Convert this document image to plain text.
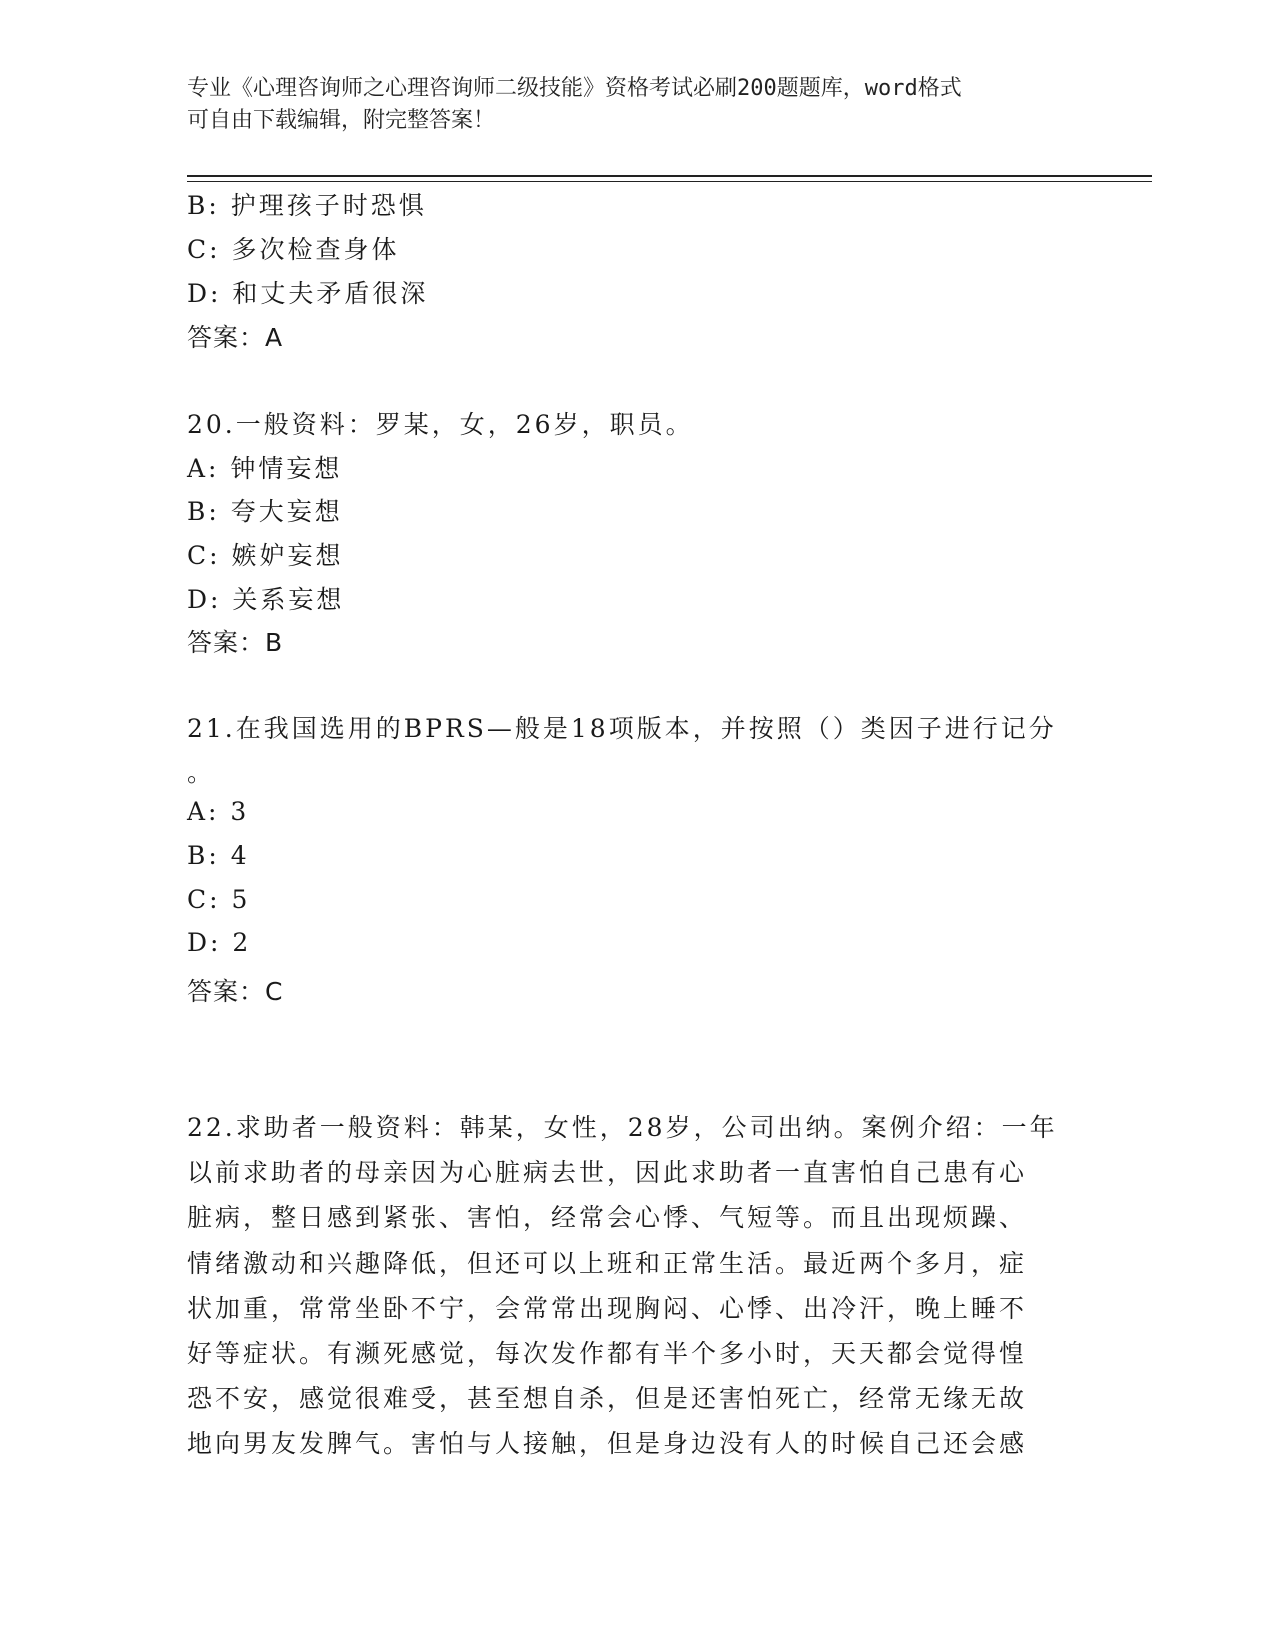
专业《心理咨询师之心理咨询师二级技能》资格考试必刷200题题库，word格式
可自由下载编辑，附完整答案！
B: 护理孩子时恐惧
C: 多次检查身体
D: 和丈夫矛盾很深
答案：A
20.一般资料：罗某，女，26岁，职员。
A: 钟情妄想
B: 夸大妄想
C: 嫉妒妄想
D: 关系妄想
答案：B
21.在我国选用的BPRS—般是18项版本，并按照（）类因子进行记分
。
A: 3
B: 4
C: 5
D: 2
答案：C
22.求助者一般资料：韩某，女性，28岁，公司出纳。案例介绍：一年
以前求助者的母亲因为心脏病去世，因此求助者一直害怕自己患有心
脏病，整日感到紧张、害怕，经常会心悸、气短等。而且出现烦躁、
情绪激动和兴趣降低，但还可以上班和正常生活。最近两个多月，症
状加重，常常坐卧不宁，会常常出现胸闷、心悸、出冷汗，晚上睡不
好等症状。有濒死感觉，每次发作都有半个多小时，天天都会觉得惶
恐不安，感觉很难受，甚至想自杀，但是还害怕死亡，经常无缘无故
地向男友发脾气。害怕与人接触，但是身边没有人的时候自己还会感
